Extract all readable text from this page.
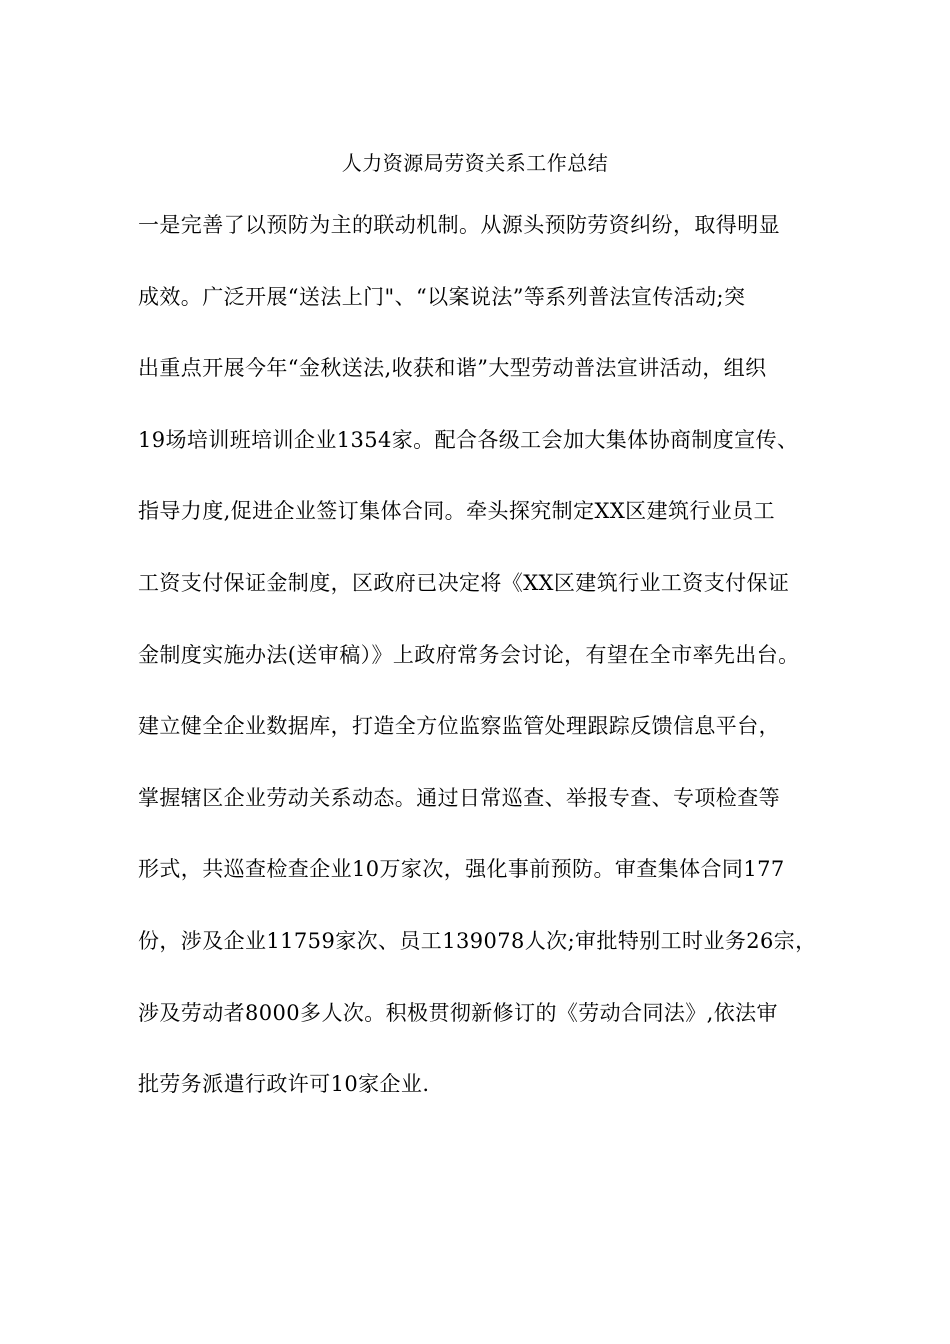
人力资源局劳资关系工作总结
一是完善了以预防为主的联动机制。从源头预防劳资纠纷，取得明显
成效。广泛开展“送法上门"、“以案说法”等系列普法宣传活动;突
出重点开展今年“金秋送法,收获和谐”大型劳动普法宣讲活动，组织
19场培训班培训企业1354家。配合各级工会加大集体协商制度宣传、
指导力度,促进企业签订集体合同。牵头探究制定XX区建筑行业员工
工资支付保证金制度，区政府已决定将《XX区建筑行业工资支付保证
金制度实施办法(送审稿）》上政府常务会讨论，有望在全市率先出台。
建立健全企业数据库，打造全方位监察监管处理跟踪反馈信息平台，
掌握辖区企业劳动关系动态。通过日常巡查、举报专查、专项检查等
形式，共巡查检查企业10万家次，强化事前预防。审查集体合同177
份，涉及企业11759家次、员工139078人次;审批特别工时业务26宗，
涉及劳动者8000多人次。积极贯彻新修订的《劳动合同法》,依法审
批劳务派遣行政许可10家企业.
